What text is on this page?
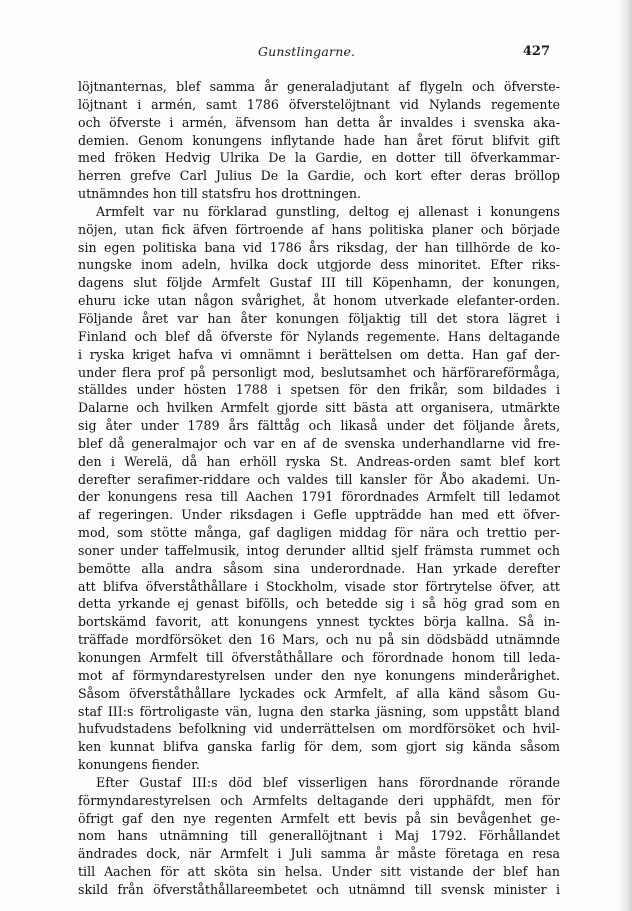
Gunstlingarne.	427
löjtnanternas, blef samma år generaladjutant af flygeln och öfverste-
löjtnant i armén, samt 1786 öfverstelöjtnant vid Nylands regemente
och öfverste i armén, äfvensom han detta år invaldes i svenska aka-
demien. Genom konungens inflytande hade han året förut blifvit gift
med fröken Hedvig Ulrika De la Gardie, en dotter till öfverkammar-
herren grefve Carl Julius De la Gardie, och kort efter deras bröllop
utnämndes hon till statsfru hos drottningen.
Armfelt var nu förklarad gunstling, deltog ej allenast i konungens
nöjen, utan fick äfven förtroende af hans politiska planer och började
sin egen politiska bana vid 1786 års riksdag, der han tillhörde de ko-
nungske inom adeln, hvilka dock utgjorde dess minoritet. Efter riks-
dagens slut följde Armfelt Gustaf III till Köpenhamn, der konungen,
ehuru icke utan någon svårighet, åt honom utverkade elefanter-orden.
Följande året var han åter konungen följaktig till det stora lägret i
Finland och blef då öfverste för Nylands regemente. Hans deltagande
i ryska kriget hafva vi omnämnt i berättelsen om detta. Han gaf der-
under flera prof på personligt mod, beslutsamhet och härförareförmåga,
ställdes under hösten 1788 i spetsen för den frikår, som bildades i
Dalarne och hvilken Armfelt gjorde sitt bästa att organisera, utmärkte
sig åter under 1789 års fälttåg och likaså under det följande årets,
blef då generalmajor och var en af de svenska underhandlarne vid fre-
den i Werelä, då han erhöll ryska St. Andreas-orden samt blef kort
derefter serafimer-riddare och valdes till kansler för Åbo akademi. Un-
der konungens resa till Aachen 1791 förordnades Armfelt till ledamot
af regeringen. Under riksdagen i Gefle uppträdde han med ett öfver-
mod, som stötte många, gaf dagligen middag för nära och trettio per-
soner under taffelmusik, intog derunder alltid sjelf främsta rummet och
bemötte alla andra såsom sina underordnade. Han yrkade derefter
att blifva öfverståthållare i Stockholm, visade stor förtrytelse öfver, att
detta yrkande ej genast bifölls, och betedde sig i så hög grad som en
bortskämd favorit, att konungens ynnest tycktes börja kallna. Så in-
träffade mordförsöket den 16 Mars, och nu på sin dödsbädd utnämnde
konungen Armfelt till öfverståthållare och förordnade honom till leda-
mot af förmyndarestyrelsen under den nye konungens minderårighet.
Såsom öfverståthållare lyckades ock Armfelt, af alla känd såsom Gu-
staf III:s förtroligaste vän, lugna den starka jäsning, som uppstått bland
hufvudstadens befolkning vid underrättelsen om mordförsöket och hvil-
ken kunnat blifva ganska farlig för dem, som gjort sig kända såsom
konungens fiender.
Efter Gustaf III:s död blef visserligen hans förordnande rörande
förmyndarestyrelsen och Armfelts deltagande deri upphäfdt, men för
öfrigt gaf den nye regenten Armfelt ett bevis på sin bevågenhet ge-
nom hans utnämning till generallöjtnant i Maj 1792. Förhållandet
ändrades dock, när Armfelt i Juli samma år måste företaga en resa
till Aachen för att sköta sin helsa. Under sitt vistande der blef han
skild från öfverståthållareembetet och utnämnd till svensk minister i
